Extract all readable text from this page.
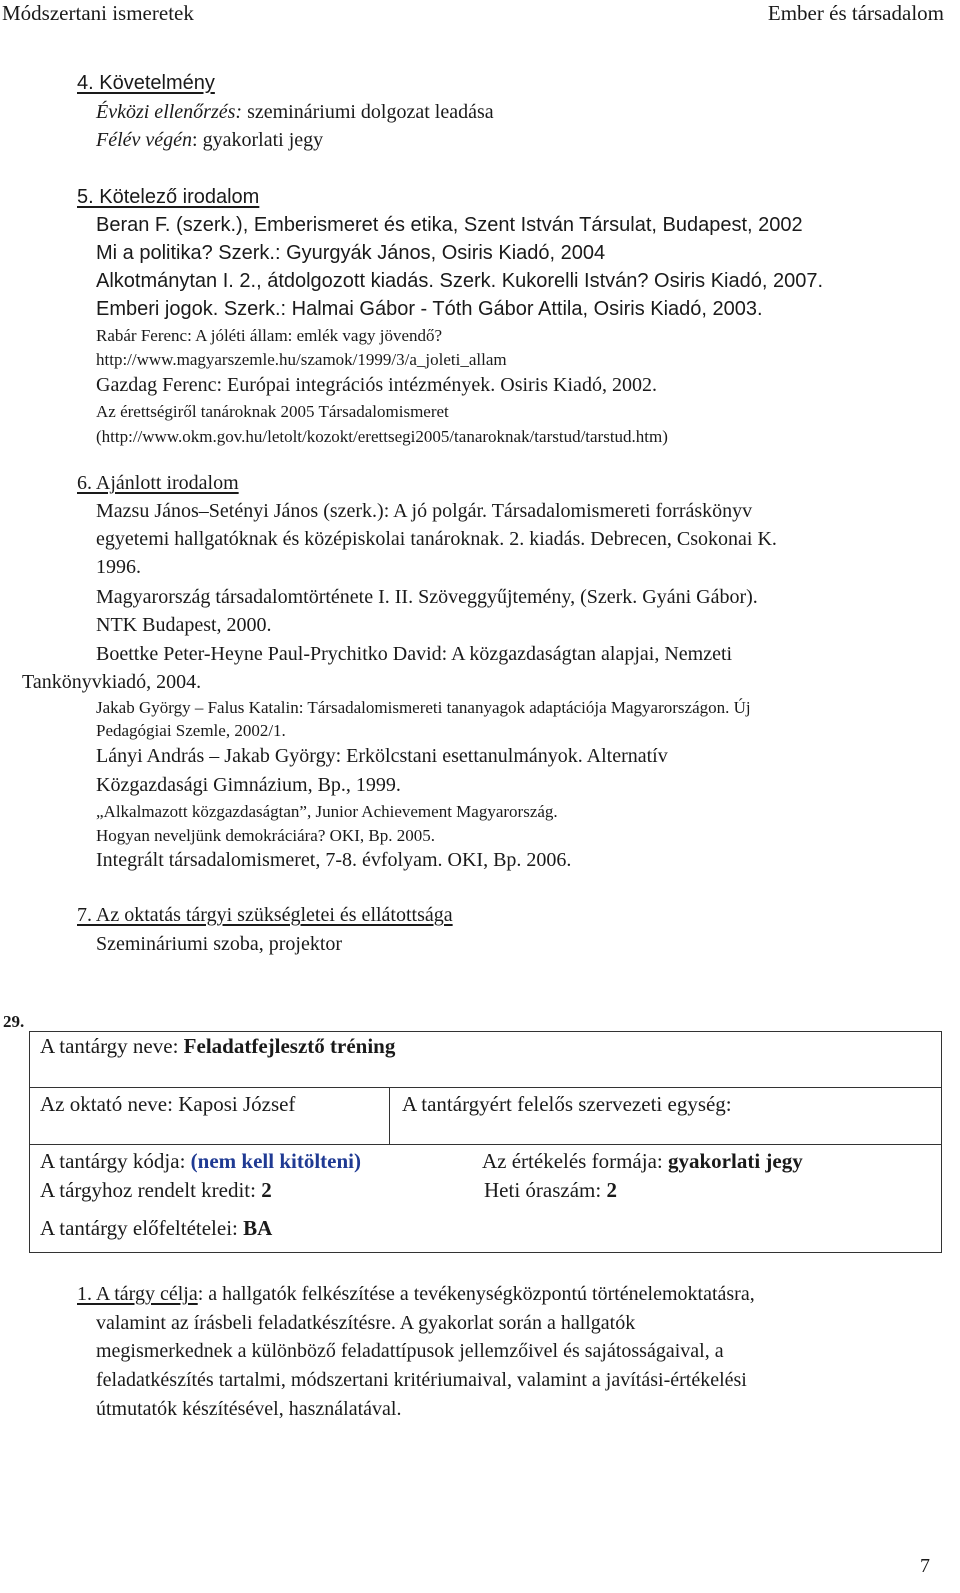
Módszertani ismeretek	Ember és társadalom
4. Követelmény
Évközi ellenőrzés: szemináriumi dolgozat leadása
Félév végén: gyakorlati jegy
5. Kötelező irodalom
Beran F. (szerk.), Emberismeret és etika, Szent István Társulat, Budapest, 2002
Mi a politika? Szerk.: Gyurgyák János, Osiris Kiadó, 2004
Alkotmánytan I. 2., átdolgozott kiadás. Szerk. Kukorelli István? Osiris Kiadó, 2007.
Emberi jogok. Szerk.: Halmai Gábor - Tóth Gábor Attila, Osiris Kiadó, 2003.
Rabár Ferenc: A jóléti állam: emlék vagy jövendő?
http://www.magyarszemle.hu/szamok/1999/3/a_joleti_allam
Gazdag Ferenc: Európai integrációs intézmények. Osiris Kiadó, 2002.
Az érettségiről tanároknak 2005 Társadalomismeret
(http://www.okm.gov.hu/letolt/kozokt/erettsegi2005/tanaroknak/tarstud/tarstud.htm)
6. Ajánlott irodalom
Mazsu János–Setényi János (szerk.): A jó polgár. Társadalomismereti forráskönyv
egyetemi hallgatóknak és középiskolai tanároknak. 2. kiadás. Debrecen, Csokonai K.
1996.
Magyarország társadalomtörténete I. II. Szöveggyűjtemény, (Szerk. Gyáni Gábor).
NTK Budapest, 2000.
Boettke Peter-Heyne Paul-Prychitko David: A közgazdaságtan alapjai, Nemzeti
Tankönyvkiadó, 2004.
Jakab György – Falus Katalin: Társadalomismereti tananyagok adaptációja Magyarországon. Új
Pedagógiai Szemle, 2002/1.
Lányi András – Jakab György: Erkölcstani esettanulmányok. Alternatív
Közgazdasági Gimnázium, Bp., 1999.
„Alkalmazott közgazdaságtan”, Junior Achievement Magyarország.
Hogyan neveljünk demokráciára? OKI, Bp. 2005.
Integrált társadalomismeret, 7-8. évfolyam. OKI, Bp. 2006.
7. Az oktatás tárgyi szükségletei és ellátottsága
Szemináriumi szoba, projektor
29.
A tantárgy neve: Feladatfejlesztő tréning
Az oktató neve: Kaposi József	A tantárgyért felelős szervezeti egység:
A tantárgy kódja: (nem kell kitölteni)	Az értékelés formája: gyakorlati jegy
A tárgyhoz rendelt kredit: 2	Heti óraszám: 2
A tantárgy előfeltételei: BA
1. A tárgy célja: a hallgatók felkészítése a tevékenységközpontú történelemoktatásra,
valamint az írásbeli feladatkészítésre. A gyakorlat során a hallgatók
megismerkednek a különböző feladattípusok jellemzőivel és sajátosságaival, a
feladatkészítés tartalmi, módszertani kritériumaival, valamint a javítási-értékelési
útmutatók készítésével, használatával.
7
